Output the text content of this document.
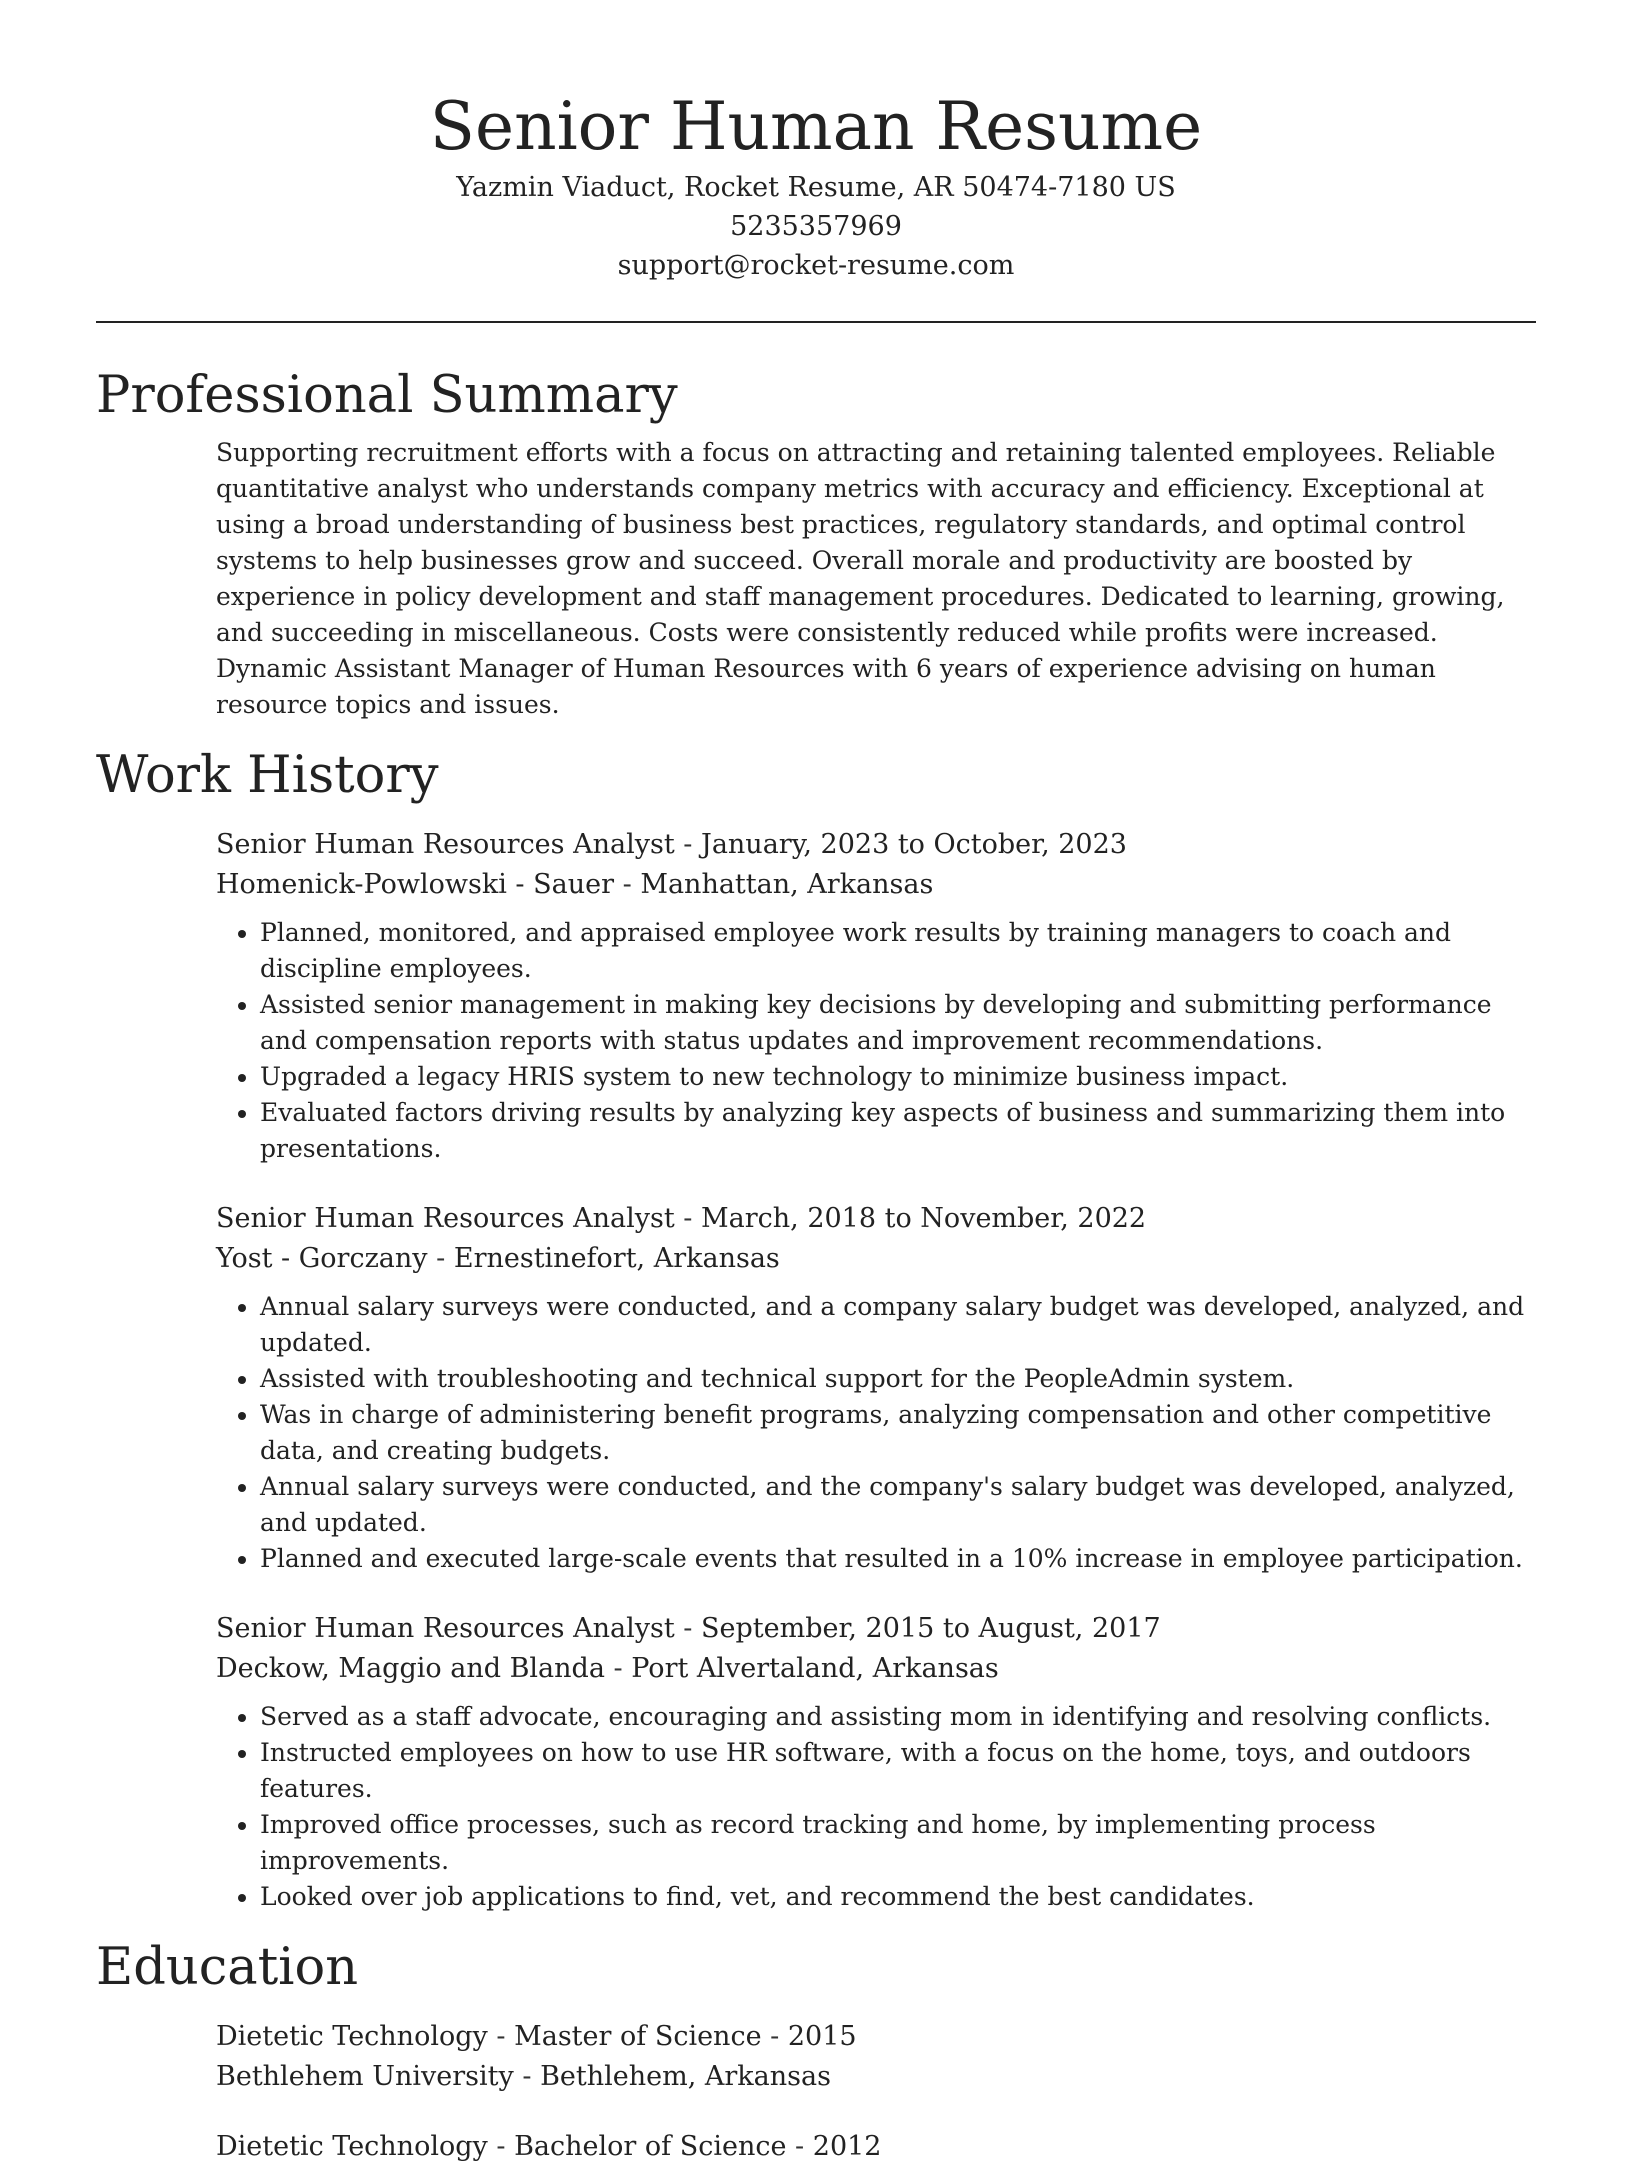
Senior Human Resume
Yazmin Viaduct, Rocket Resume, AR 50474-7180 US
5235357969
support@rocket-resume.com
Professional Summary

Supporting recruitment efforts with a focus on attracting and retaining talented employees. Reliable quantitative analyst who understands company metrics with accuracy and efficiency. Exceptional at using a broad understanding of business best practices, regulatory standards, and optimal control systems to help businesses grow and succeed. Overall morale and productivity are boosted by experience in policy development and staff management procedures. Dedicated to learning, growing, and succeeding in miscellaneous. Costs were consistently reduced while profits were increased. Dynamic Assistant Manager of Human Resources with 6 years of experience advising on human resource topics and issues.

Work History
Senior Human Resources Analyst - January, 2023 to October, 2023
Homenick-Powlowski - Sauer - Manhattan, Arkansas
• Planned, monitored, and appraised employee work results by training managers to coach and discipline employees.
• Assisted senior management in making key decisions by developing and submitting performance and compensation reports with status updates and improvement recommendations.
• Upgraded a legacy HRIS system to new technology to minimize business impact.
• Evaluated factors driving results by analyzing key aspects of business and summarizing them into presentations.
Senior Human Resources Analyst - March, 2018 to November, 2022
Yost - Gorczany - Ernestinefort, Arkansas
• Annual salary surveys were conducted, and a company salary budget was developed, analyzed, and updated.
• Assisted with troubleshooting and technical support for the PeopleAdmin system.
• Was in charge of administering benefit programs, analyzing compensation and other competitive data, and creating budgets.
• Annual salary surveys were conducted, and the company's salary budget was developed, analyzed, and updated.
• Planned and executed large-scale events that resulted in a 10% increase in employee participation.
Senior Human Resources Analyst - September, 2015 to August, 2017
Deckow, Maggio and Blanda - Port Alvertaland, Arkansas
• Served as a staff advocate, encouraging and assisting mom in identifying and resolving conflicts.
• Instructed employees on how to use HR software, with a focus on the home, toys, and outdoors features.
• Improved office processes, such as record tracking and home, by implementing process improvements.
• Looked over job applications to find, vet, and recommend the best candidates.
Education
Dietetic Technology - Master of Science - 2015
Bethlehem University - Bethlehem, Arkansas
Dietetic Technology - Bachelor of Science - 2012
